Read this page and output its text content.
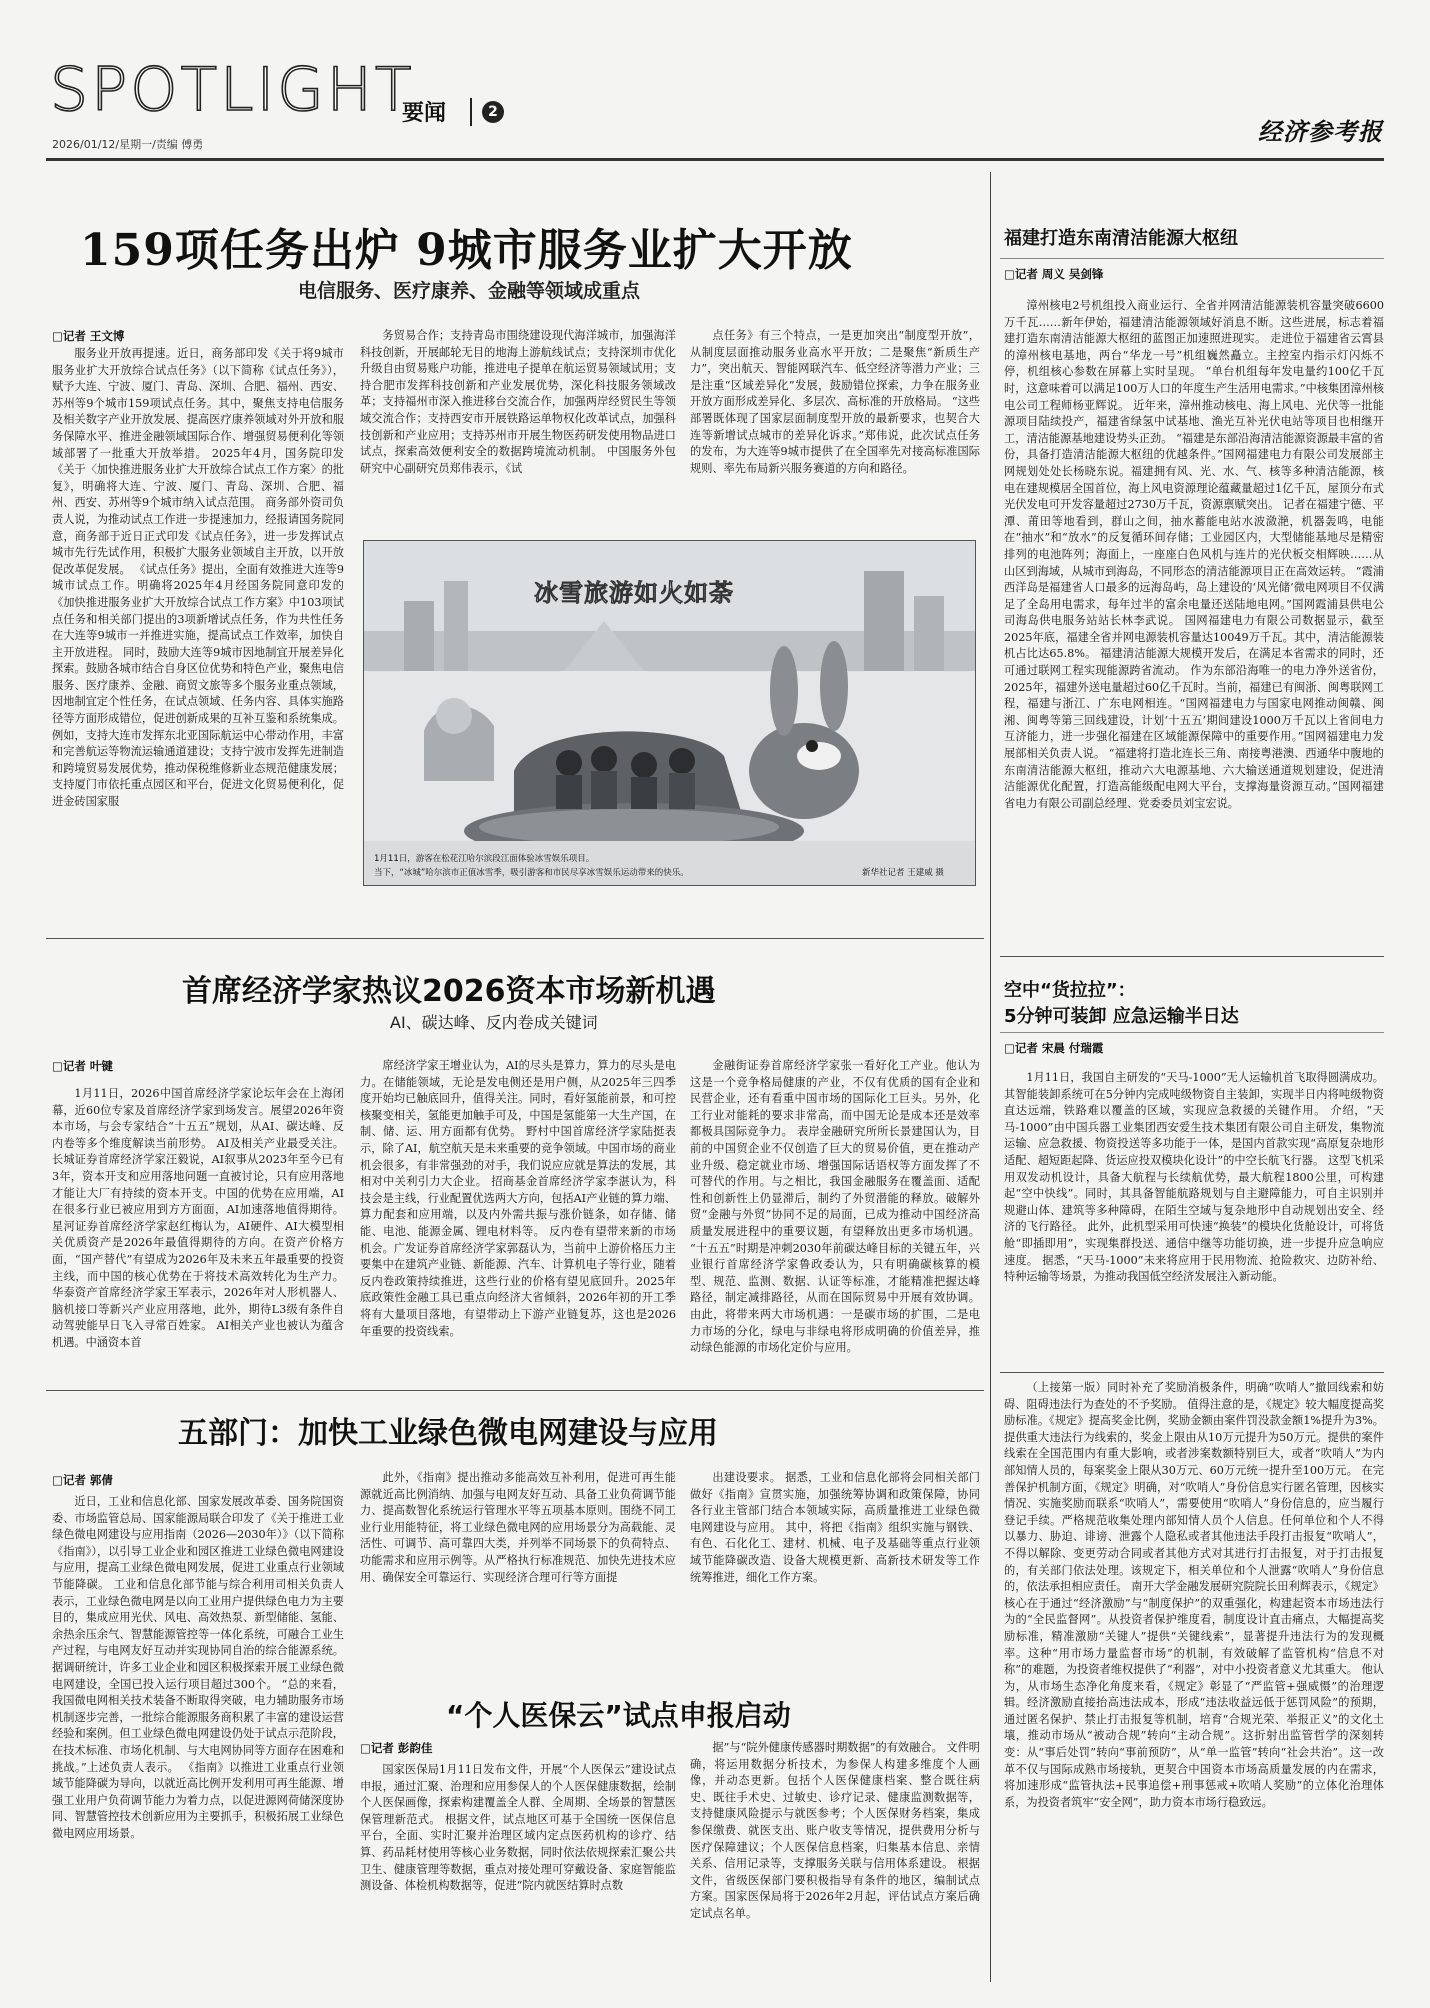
SPOTLIGHT
要闻	2
2026/01/12/星期一/责编 傅勇	经济参考报
159项任务出炉 9城市服务业扩大开放
电信服务、医疗康养、金融等领域成重点
□记者 王文博
服务业开放再提速。近日，商务部印发《关于将9城市服务业扩大开放综合试点任务》（以下简称《试点任务》），赋予大连、宁波、厦门、青岛、深圳、合肥、福州、西安、苏州等9个城市159项试点任务。其中，聚焦支持电信服务及相关数字产业开放发展、提高医疗康养领域对外开放和服务保障水平、推进金融领域国际合作、增强贸易便利化等领域部署了一批重大开放举措。 2025年4月，国务院印发《关于〈加快推进服务业扩大开放综合试点工作方案〉的批复》，明确将大连、宁波、厦门、青岛、深圳、合肥、福州、西安、苏州等9个城市纳入试点范围。 商务部外资司负责人说，为推动试点工作进一步提速加力，经报请国务院同意，商务部于近日正式印发《试点任务》，进一步发挥试点城市先行先试作用，积极扩大服务业领域自主开放，以开放促改革促发展。 《试点任务》提出，全面有效推进大连等9城市试点工作。明确将2025年4月经国务院同意印发的《加快推进服务业扩大开放综合试点工作方案》中103项试点任务和相关部门提出的3项新增试点任务，作为共性任务在大连等9城市一并推进实施，提高试点工作效率，加快自主开放进程。 同时，鼓励大连等9城市因地制宜开展差异化探索。鼓励各城市结合自身区位优势和特色产业，聚焦电信服务、医疗康养、金融、商贸文旅等多个服务业重点领域，因地制宜定个性任务，在试点领域、任务内容、具体实施路径等方面形成错位，促进创新成果的互补互鉴和系统集成。 例如，支持大连市发挥东北亚国际航运中心带动作用，丰富和完善航运等物流运输通道建设；支持宁波市发挥先进制造和跨境贸易发展优势，推动保税维修新业态规范健康发展；支持厦门市依托重点园区和平台，促进文化贸易便利化，促进金砖国家服
务贸易合作；支持青岛市围绕建设现代海洋城市，加强海洋科技创新，开展邮轮无目的地海上游航线试点；支持深圳市优化升级自由贸易账户功能，推进电子提单在航运贸易领域试用；支持合肥市发挥科技创新和产业发展优势，深化科技服务领域改革；支持福州市深入推进移台交流合作，加强两岸经贸民生等领域交流合作；支持西安市开展铁路运单物权化改革试点，加强科技创新和产业应用；支持苏州市开展生物医药研发使用物品进口试点，探索高效便利安全的数据跨境流动机制。 中国服务外包研究中心副研究员郑伟表示，《试
点任务》有三个特点，一是更加突出“制度型开放”，从制度层面推动服务业高水平开放；二是聚焦“新质生产力”，突出航天、智能网联汽车、低空经济等潜力产业；三是注重“区域差异化”发展，鼓励错位探索，力争在服务业开放方面形成差异化、多层次、高标准的开放格局。 “这些部署既体现了国家层面制度型开放的最新要求，也契合大连等新增试点城市的差异化诉求。”郑伟说，此次试点任务的发布，为大连等9城市提供了在全国率先对接高标准国际规则、率先布局新兴服务赛道的方向和路径。
冰雪旅游如火如荼
1月11日，游客在松花江哈尔滨段江面体验冰雪娱乐项目。
当下，“冰城”哈尔滨市正值冰雪季，吸引游客和市民尽享冰雪娱乐运动带来的快乐。	新华社记者 王建威 摄
首席经济学家热议2026资本市场新机遇
AI、碳达峰、反内卷成关键词
□记者 叶键
1月11日，2026中国首席经济学家论坛年会在上海闭幕，近60位专家及首席经济学家到场发言。展望2026年资本市场，与会专家结合“十五五”规划，从AI、碳达峰、反内卷等多个维度解读当前形势。 AI及相关产业最受关注。长城证券首席经济学家汪毅说，AI叙事从2023年至今已有3年，资本开支和应用落地问题一直被讨论，只有应用落地才能让大厂有持续的资本开支。中国的优势在应用端，AI在很多行业已被应用到方方面面，AI加速落地值得期待。 星河证券首席经济学家赵红梅认为，AI硬件、AI大模型相关优质资产是2026年最值得期待的方向。在资产价格方面，“国产替代”有望成为2026年及未来五年最重要的投资主线，而中国的核心优势在于将技术高效转化为生产力。 华泰资产首席经济学家王军表示，2026年对人形机器人、脑机接口等新兴产业应用落地，此外，期待L3级有条件自动驾驶能早日飞入寻常百姓家。 AI相关产业也被认为蕴含机遇。中涵资本首
席经济学家王增业认为，AI的尽头是算力，算力的尽头是电力。在储能领域，无论是发电侧还是用户侧，从2025年三四季度开始均已触底回升，值得关注。同时，看好氢能前景，和可控核聚变相关，氢能更加触手可及，中国是氢能第一大生产国，在制、储、运、用方面都有优势。 野村中国首席经济学家陆挺表示，除了AI，航空航天是未来重要的竞争领域。中国市场的商业机会很多，有非常强劲的对手，我们说应应就是算法的发展，其相对中关利引力大企业。 招商基金首席经济学家李湛认为，科技会是主线，行业配置优选两大方向，包括AI产业链的算力端、算力配套和应用端，以及内外需共振与涨价链条，如存储、储能、电池、能源金属、锂电材料等。 反内卷有望带来新的市场机会。广发证券首席经济学家郭磊认为，当前中上游价格压力主要集中在建筑产业链、新能源、汽车、计算机电子等行业，随着反内卷政策持续推进，这些行业的价格有望见底回升。2025年底政策性金融工具已重点向经济大省倾斜，2026年初的开工季将有大量项目落地，有望带动上下游产业链复苏，这也是2026年重要的投资线索。
金融街证券首席经济学家张一看好化工产业。他认为这是一个竞争格局健康的产业，不仅有优质的国有企业和民营企业，还有看重中国市场的国际化工巨头。另外，化工行业对能耗的要求非常高，而中国无论是成本还是效率都极具国际竞争力。 表岸金融研究所所长景建国认为，目前的中国贸企业不仅创造了巨大的贸易价值，更在推动产业升级、稳定就业市场、增强国际话语权等方面发挥了不可替代的作用。与之相比，我国金融服务在覆盖面、适配性和创新性上仍显滞后，制约了外贸潜能的释放。破解外贸“金融与外贸”协同不足的局面，已成为推动中国经济高质量发展进程中的重要议题，有望释放出更多市场机遇。 “十五五”时期是冲刺2030年前碳达峰目标的关键五年，兴业银行首席经济学家鲁政委认为，只有明确碳核算的模型、规范、监测、数据、认证等标准，才能精准把握达峰路径，制定减排路径，从而在国际贸易中开展有效协调。由此，将带来两大市场机遇：一是碳市场的扩围，二是电力市场的分化，绿电与非绿电将形成明确的价值差异，推动绿色能源的市场化定价与应用。
五部门：加快工业绿色微电网建设与应用
□记者 郭倩
近日，工业和信息化部、国家发展改革委、国务院国资委、市场监管总局、国家能源局联合印发了《关于推进工业绿色微电网建设与应用指南（2026—2030年）》（以下简称《指南》），以引导工业企业和园区推进工业绿色微电网建设与应用，提高工业绿色微电网发展，促进工业重点行业领域节能降碳。 工业和信息化部节能与综合利用司相关负责人表示，工业绿色微电网是以向工业用户提供绿色电力为主要目的，集成应用光伏、风电、高效热泵、新型储能、氢能、余热余压余气、智慧能源管控等一体化系统，可融合工业生产过程，与电网友好互动并实现协同自治的综合能源系统。据调研统计，许多工业企业和园区积极探索开展工业绿色微电网建设，全国已投入运行项目超过300个。 “总的来看，我国微电网相关技术装备不断取得突破，电力辅助服务市场机制逐步完善，一批综合能源服务商积累了丰富的建设运营经验和案例。但工业绿色微电网建设仍处于试点示范阶段，在技术标准、市场化机制、与大电网协同等方面存在困难和挑战。”上述负责人表示。 《指南》以推进工业重点行业领域节能降碳为导向，以就近高比例开发利用可再生能源、增强工业用户负荷调节能力为着力点，以促进源网荷储深度协同、智慧管控技术创新应用为主要抓手，积极拓展工业绿色微电网应用场景。
此外，《指南》提出推动多能高效互补利用，促进可再生能源就近高比例消纳、加强与电网友好互动、具备工业负荷调节能力、提高数智化系统运行管理水平等五项基本原则。围绕不同工业行业用能特征，将工业绿色微电网的应用场景分为高载能、灵活性、可调节、高可靠四大类，并列举不同场景下的负荷特点、功能需求和应用示例等。从严格执行标准规范、加快先进技术应用、确保安全可靠运行、实现经济合理可行等方面提
出建设要求。 据悉，工业和信息化部将会同相关部门做好《指南》宣贯实施，加强统筹协调和政策保障，协同各行业主管部门结合本领域实际，高质量推进工业绿色微电网建设与应用。 其中，将把《指南》组织实施与钢铁、有色、石化化工、建材、机械、电子及基础等重点行业领域节能降碳改造、设备大规模更新、高新技术研发等工作统筹推进，细化工作方案。
“个人医保云”试点申报启动
□记者 彭韵佳
国家医保局1月11日发布文件，开展“个人医保云”建设试点申报，通过汇聚、治理和应用参保人的个人医保健康数据，绘制个人医保画像，探索构建覆盖全人群、全周期、全场景的智慧医保管理新范式。 根据文件，试点地区可基于全国统一医保信息平台，全面、实时汇聚并治理区域内定点医药机构的诊疗、结算、药品耗材使用等核心业务数据，同时依法依规探索汇聚公共卫生、健康管理等数据，重点对接处理可穿戴设备、家庭智能监测设备、体检机构数据等，促进“院内就医结算时点数
据”与“院外健康传感器时期数据”的有效融合。 文件明确，将运用数据分析技术，为参保人构建多维度个人画像，并动态更新。包括个人医保健康档案、整合既往病史、既往手术史、过敏史、诊疗记录、健康监测数据等，支持健康风险提示与就医参考；个人医保财务档案，集成参保缴费、就医支出、账户收支等情况，提供费用分析与医疗保障建议；个人医保信息档案，归集基本信息、亲情关系、信用记录等，支撑服务关联与信用体系建设。 根据文件，省级医保部门要积极指导有条件的地区，编制试点方案。国家医保局将于2026年2月起，评估试点方案后确定试点名单。
福建打造东南清洁能源大枢纽
□记者 周义 吴剑锋
漳州核电2号机组投入商业运行、全省并网清洁能源装机容量突破6600万千瓦……新年伊始，福建清洁能源领域好消息不断。这些进展，标志着福建打造东南清洁能源大枢纽的蓝图正加速照进现实。 走进位于福建省云霄县的漳州核电基地，两台“华龙一号”机组巍然矗立。主控室内指示灯闪烁不停，机组核心参数在屏幕上实时呈现。 “单台机组每年发电量约100亿千瓦时，这意味着可以满足100万人口的年度生产生活用电需求。”中核集团漳州核电公司工程师杨亚辉说。 近年来，漳州推动核电、海上风电、光伏等一批能源项目陆续投产，福建省绿氢中试基地、渔光互补光伏电站等项目也相继开工，清洁能源基地建设势头正劲。 “福建是东部沿海清洁能源资源最丰富的省份，具备打造清洁能源大枢纽的优越条件。”国网福建电力有限公司发展部主网规划处处长杨晓东说。福建拥有风、光、水、气、核等多种清洁能源，核电在建规模居全国首位，海上风电资源理论蕴藏量超过1亿千瓦，屋顶分布式光伏发电可开发容量超过2730万千瓦，资源禀赋突出。 记者在福建宁德、平潭、莆田等地看到，群山之间，抽水蓄能电站水波潋滟，机器轰鸣，电能在“抽水”和“放水”的反复循环间存储；工业园区内，大型储能基地尽是精密排列的电池阵列；海面上，一座座白色风机与连片的光伏板交相辉映……从山区到海域，从城市到海岛，不同形态的清洁能源项目正在高效运转。 “霞浦西洋岛是福建省人口最多的远海岛屿，岛上建设的‘风光储’微电网项目不仅满足了全岛用电需求，每年过半的富余电量还送陆地电网。”国网霞浦县供电公司海岛供电服务站站长林李武说。 国网福建电力有限公司数据显示，截至2025年底，福建全省并网电源装机容量达10049万千瓦。其中，清洁能源装机占比达65.8%。 福建清洁能源大规模开发后，在满足本省需求的同时，还可通过联网工程实现能源跨省流动。 作为东部沿海唯一的电力净外送省份，2025年，福建外送电量超过60亿千瓦时。当前，福建已有闽浙、闽粤联网工程，福建与浙江、广东电网相连。“国网福建电力与国家电网推动闽赣、闽湘、闽粤等第三回线建设，计划‘十五五’期间建设1000万千瓦以上省间电力互济能力，进一步强化福建在区域能源保障中的重要作用。”国网福建电力发展部相关负责人说。 “福建将打造北连长三角、南接粤港澳、西通华中腹地的东南清洁能源大枢纽，推动六大电源基地、六大输送通道规划建设，促进清洁能源优化配置，打造高能级配电网大平台，支撑海量资源互动。”国网福建省电力有限公司副总经理、党委委员刘宝宏说。
空中“货拉拉”：
5分钟可装卸 应急运输半日达
□记者 宋晨 付瑞霞
1月11日，我国自主研发的“天马-1000”无人运输机首飞取得圆满成功。其智能装卸系统可在5分钟内完成吨级物资自主装卸，实现半日内将吨级物资直达远端，铁路难以覆盖的区域，实现应急救援的关键作用。 介绍，“天马-1000”由中国兵器工业集团西安爱生技术集团有限公司自主研发，集物流运输、应急救援、物资投送等多功能于一体，是国内首款实现“高原复杂地形适配、超短距起降、货运应投双模块化设计”的中空长航飞行器。 这型飞机采用双发动机设计，具备大航程与长续航优势，最大航程1800公里，可构建起“空中快线”。同时，其具备智能航路规划与自主避障能力，可自主识别并规避山体、建筑等多种障碍，在陌生空域与复杂地形中自动规划出安全、经济的飞行路径。 此外，此机型采用可快速“换装”的模块化货舱设计，可将货舱“即插即用”，实现集群投送、通信中继等功能切换，进一步提升应急响应速度。 据悉，“天马-1000”未来将应用于民用物流、抢险救灾、边防补给、特种运输等场景，为推动我国低空经济发展注入新动能。
（上接第一版）同时补充了奖励消极条件，明确“吹哨人”撤回线索和妨碍、阻碍违法行为查处的不予奖励。 值得注意的是，《规定》较大幅度提高奖励标准。《规定》提高奖金比例，奖励金额由案件罚没款金额1%提升为3%。提供重大违法行为线索的，奖金上限由从10万元提升为50万元。提供的案件线索在全国范围内有重大影响，或者涉案数额特别巨大，或者“吹哨人”为内部知情人员的，每案奖金上限从30万元、60万元统一提升至100万元。 在完善保护机制方面，《规定》明确，对“吹哨人”身份信息实行匿名管理，因核实情况、实施奖励而联系“吹哨人”，需要使用“吹哨人”身份信息的，应当履行登记手续。严格规范收集处理内部知情人员个人信息。任何单位和个人不得以暴力、胁迫、诽谤、泄露个人隐私或者其他违法手段打击报复“吹哨人”，不得以解除、变更劳动合同或者其他方式对其进行打击报复，对于打击报复的，有关部门依法处理。该规定下，相关单位和个人泄露“吹哨人”身份信息的，依法承担相应责任。 南开大学金融发展研究院院长田利辉表示，《规定》核心在于通过“经济激励”与“制度保护”的双重强化，构建起资本市场违法行为的“全民监督网”。从投资者保护维度看，制度设计直击痛点，大幅提高奖励标准，精准激励“关键人”提供“关键线索”，显著提升违法行为的发现概率。这种“用市场力量监督市场”的机制，有效破解了监管机构“信息不对称”的难题，为投资者维权提供了“利器”，对中小投资者意义尤其重大。 他认为，从市场生态净化角度来看，《规定》彰显了“严监管+强威慑”的治理逻辑。经济激励直接抬高违法成本，形成“违法收益远低于惩罚风险”的预期，通过匿名保护、禁止打击报复等机制，培育“合规光荣、举报正义”的文化土壤，推动市场从“被动合规”转向“主动合规”。这折射出监管哲学的深刻转变：从“事后处罚”转向“事前预防”，从“单一监管”转向“社会共治”。这一改革不仅与国际成熟市场接轨，更契合中国资本市场高质量发展的内在需求，将加速形成“监管执法+民事追偿+刑事惩戒+吹哨人奖励”的立体化治理体系，为投资者筑牢“安全网”，助力资本市场行稳致远。
